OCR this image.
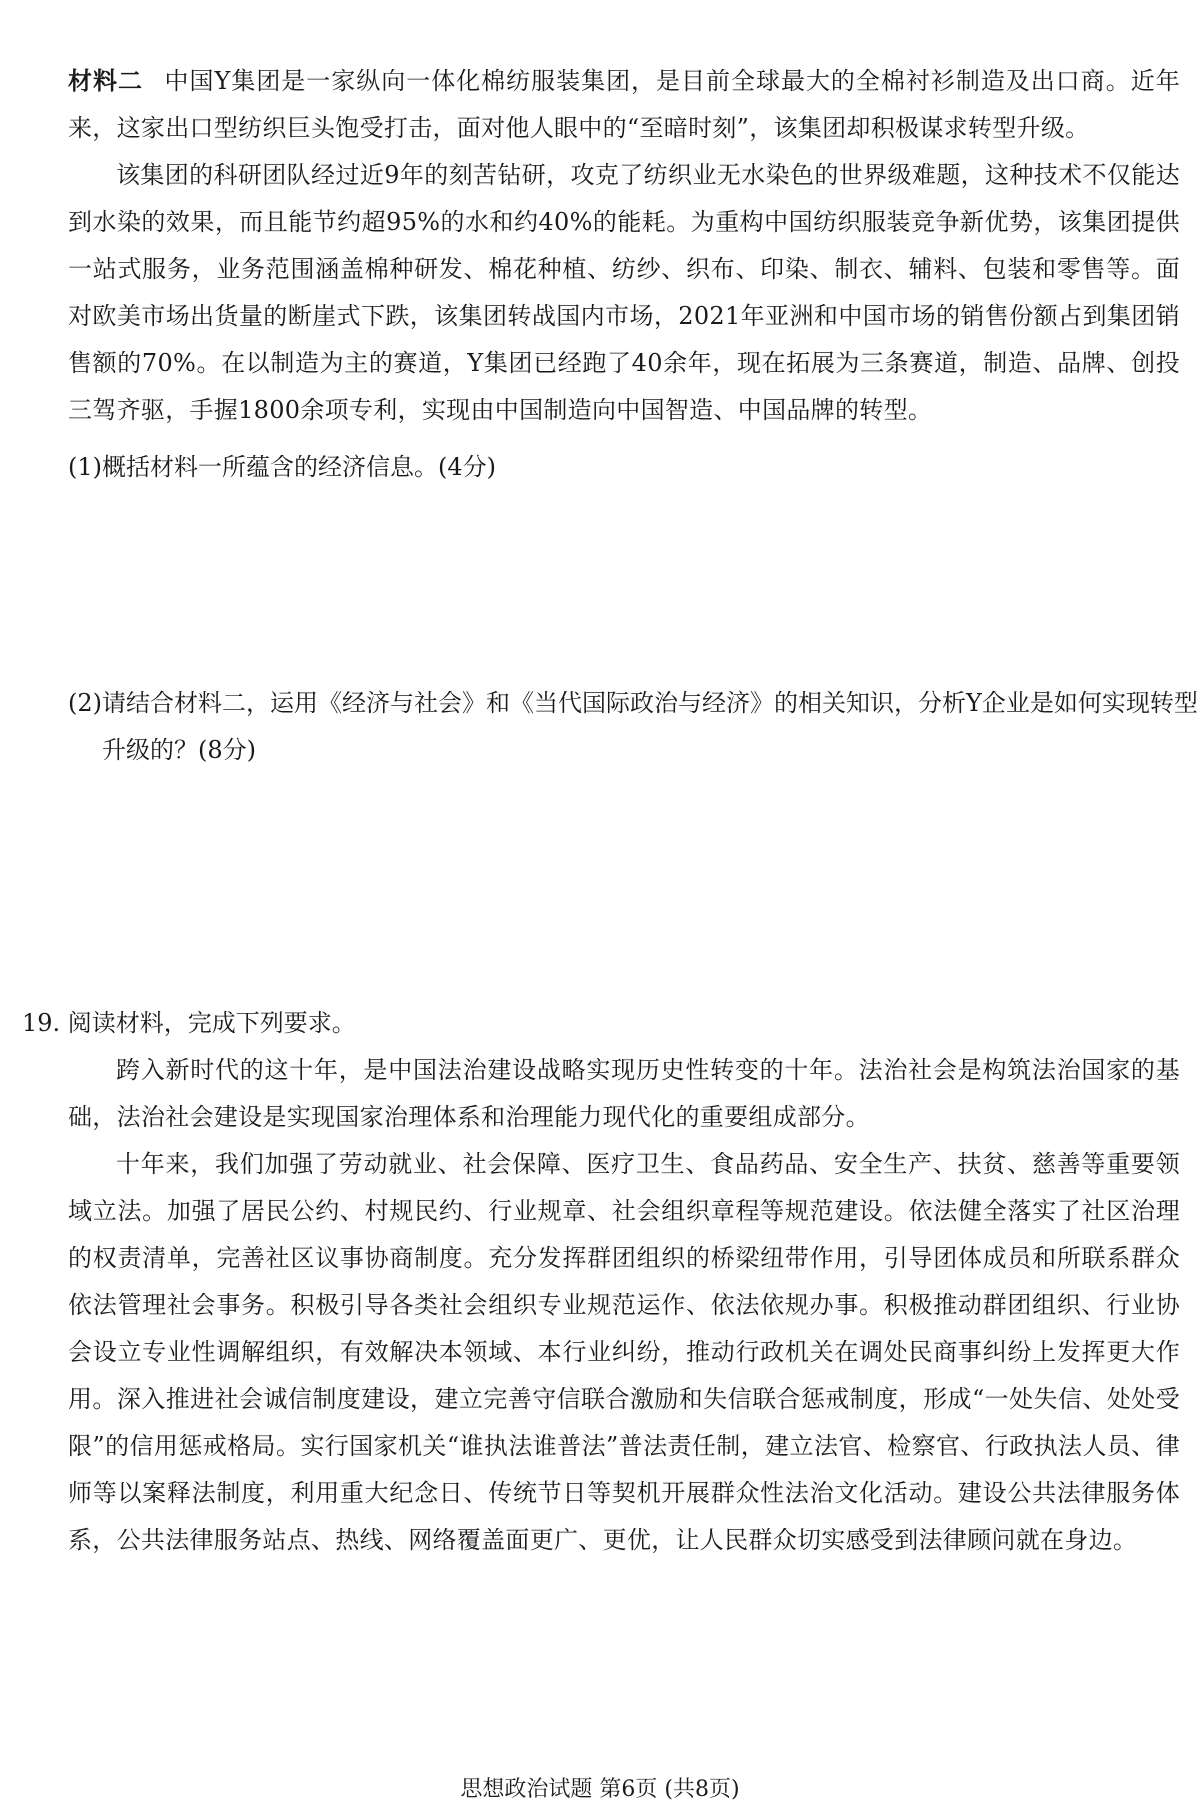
材料二 中国Y集团是一家纵向一体化棉纺服装集团，是目前全球最大的全棉衬衫制造及出口商。近年来，这家出口型纺织巨头饱受打击，面对他人眼中的“至暗时刻”，该集团却积极谋求转型升级。

该集团的科研团队经过近9年的刻苦钻研，攻克了纺织业无水染色的世界级难题，这种技术不仅能达到水染的效果，而且能节约超95%的水和约40%的能耗。为重构中国纺织服装竞争新优势，该集团提供一站式服务，业务范围涵盖棉种研发、棉花种植、纺纱、织布、印染、制衣、辅料、包装和零售等。面对欧美市场出货量的断崖式下跌，该集团转战国内市场，2021年亚洲和中国市场的销售份额占到集团销售额的70%。在以制造为主的赛道，Y集团已经跑了40余年，现在拓展为三条赛道，制造、品牌、创投三驾齐驱，手握1800余项专利，实现由中国制造向中国智造、中国品牌的转型。

(1)概括材料一所蕴含的经济信息。(4分)
(2)请结合材料二，运用《经济与社会》和《当代国际政治与经济》的相关知识，分析Y企业是如何实现转型升级的？(8分)
19. 阅读材料，完成下列要求。

跨入新时代的这十年，是中国法治建设战略实现历史性转变的十年。法治社会是构筑法治国家的基础，法治社会建设是实现国家治理体系和治理能力现代化的重要组成部分。

十年来，我们加强了劳动就业、社会保障、医疗卫生、食品药品、安全生产、扶贫、慈善等重要领域立法。加强了居民公约、村规民约、行业规章、社会组织章程等规范建设。依法健全落实了社区治理的权责清单，完善社区议事协商制度。充分发挥群团组织的桥梁纽带作用，引导团体成员和所联系群众依法管理社会事务。积极引导各类社会组织专业规范运作、依法依规办事。积极推动群团组织、行业协会设立专业性调解组织，有效解决本领域、本行业纠纷，推动行政机关在调处民商事纠纷上发挥更大作用。深入推进社会诚信制度建设，建立完善守信联合激励和失信联合惩戒制度，形成“一处失信、处处受限”的信用惩戒格局。实行国家机关“谁执法谁普法”普法责任制，建立法官、检察官、行政执法人员、律师等以案释法制度，利用重大纪念日、传统节日等契机开展群众性法治文化活动。建设公共法律服务体系，公共法律服务站点、热线、网络覆盖面更广、更优，让人民群众切实感受到法律顾问就在身边。

思想政治试题 第6页 (共8页)
